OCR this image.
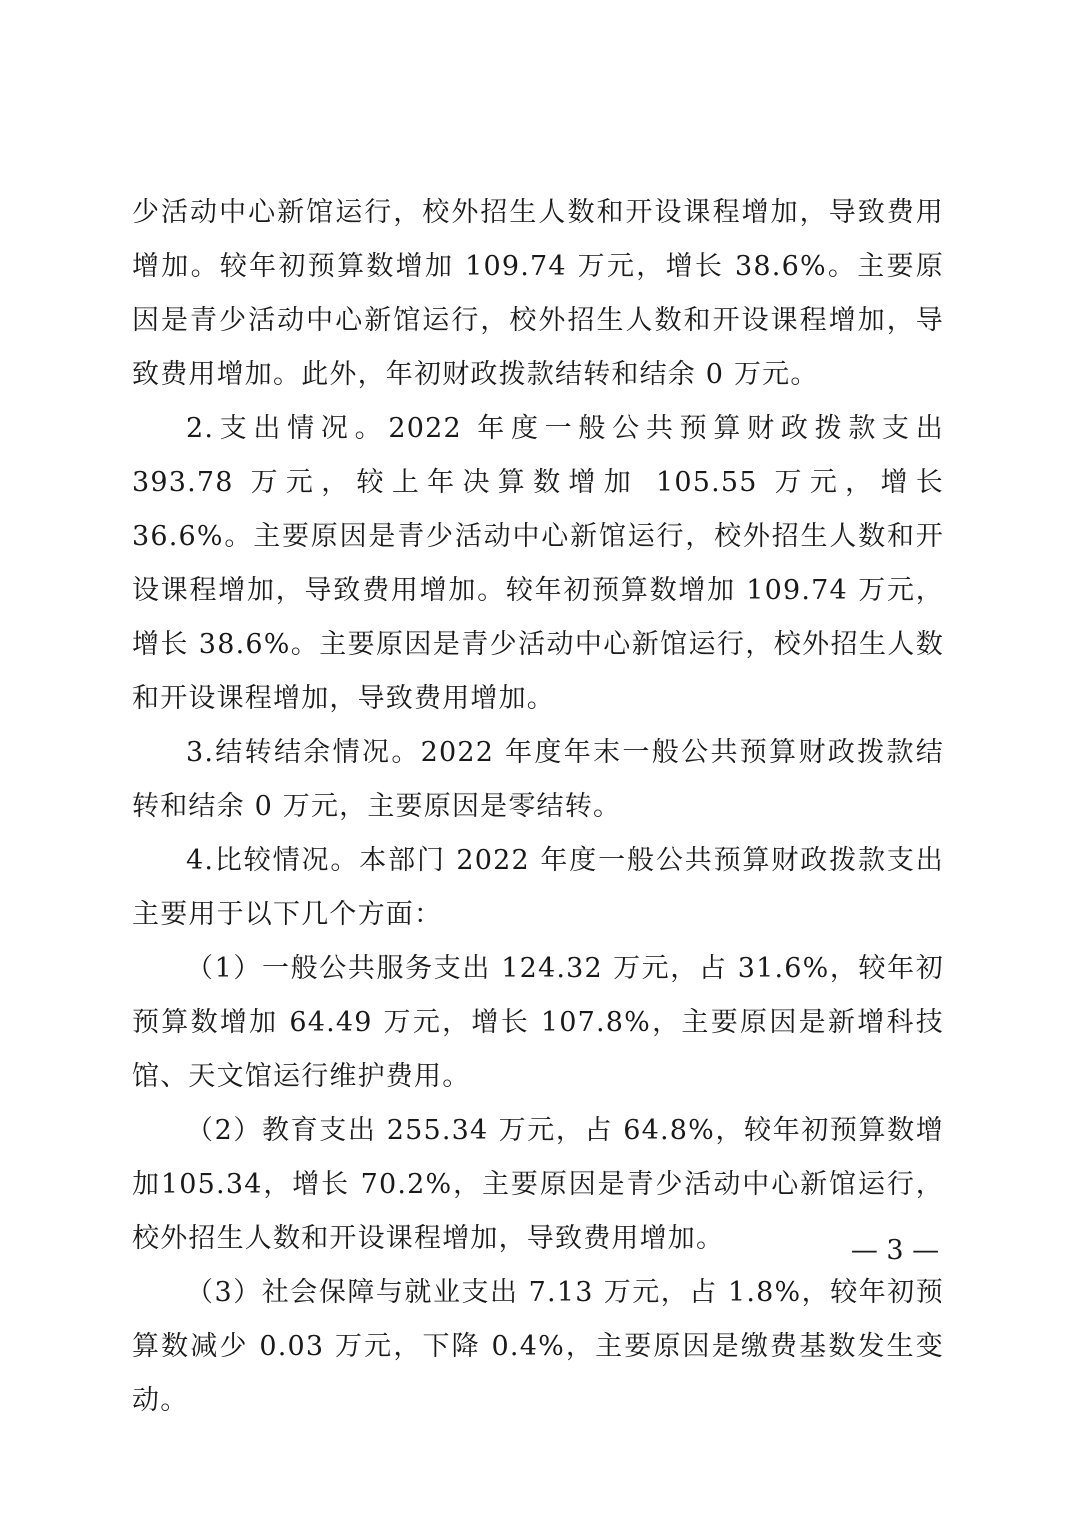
少活动中心新馆运行，校外招生人数和开设课程增加，导致费用增加。较年初预算数增加 109.74 万元，增长 38.6%。主要原因是青少活动中心新馆运行，校外招生人数和开设课程增加，导致费用增加。此外，年初财政拨款结转和结余 0 万元。

2.支出情况。2022 年度一般公共预算财政拨款支出 393.78 万元，较上年决算数增加 105.55 万元，增长 36.6%。主要原因是青少活动中心新馆运行，校外招生人数和开设课程增加，导致费用增加。较年初预算数增加 109.74 万元，增长 38.6%。主要原因是青少活动中心新馆运行，校外招生人数和开设课程增加，导致费用增加。

3.结转结余情况。2022 年度年末一般公共预算财政拨款结转和结余 0 万元，主要原因是零结转。

4.比较情况。本部门 2022 年度一般公共预算财政拨款支出主要用于以下几个方面：

（1）一般公共服务支出 124.32 万元，占 31.6%，较年初预算数增加 64.49 万元，增长 107.8%，主要原因是新增科技馆、天文馆运行维护费用。

（2）教育支出 255.34 万元，占 64.8%，较年初预算数增加105.34，增长 70.2%，主要原因是青少活动中心新馆运行，校外招生人数和开设课程增加，导致费用增加。

（3）社会保障与就业支出 7.13 万元，占 1.8%，较年初预算数减少 0.03 万元，下降 0.4%，主要原因是缴费基数发生变动。

— 3 —
